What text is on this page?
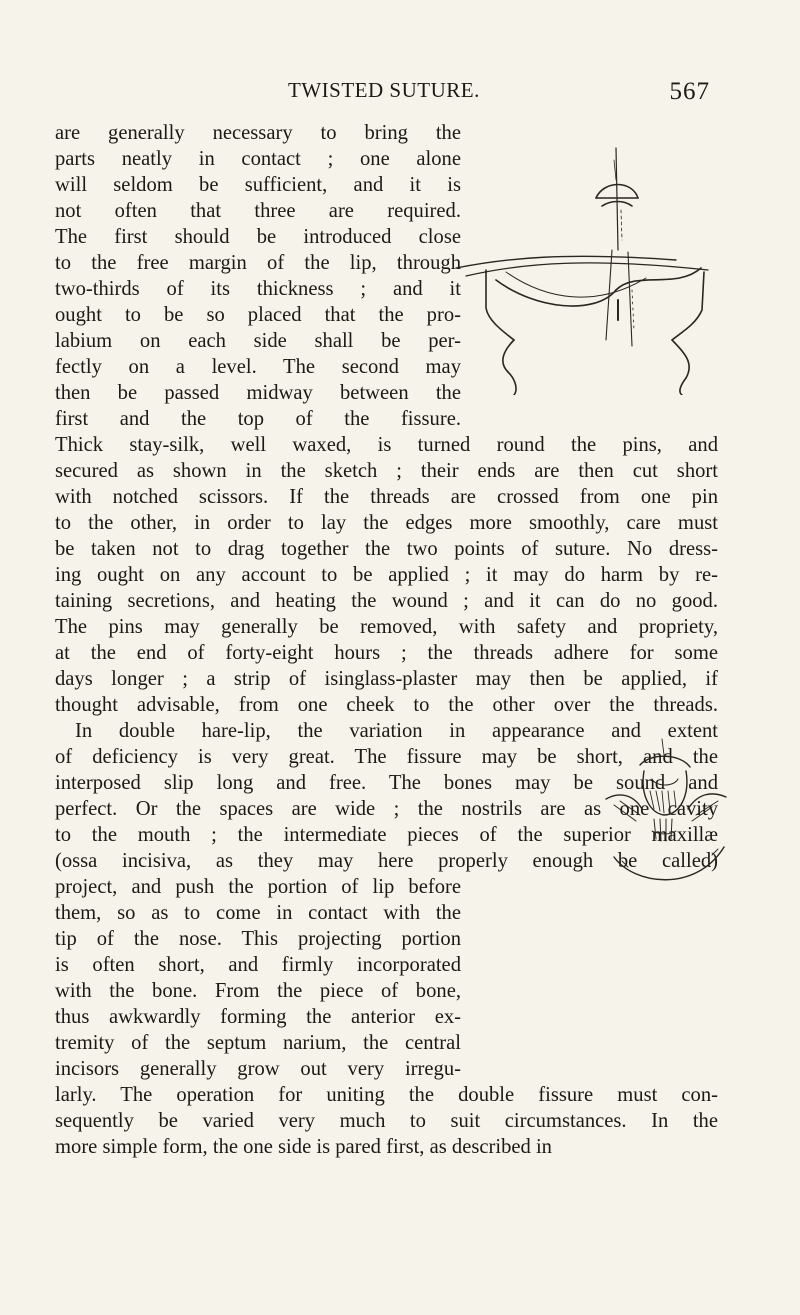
TWISTED SUTURE.	567
are generally necessary to bring the
parts neatly in contact ; one alone
will seldom be sufficient, and it is
not often that three are required.
The first should be introduced close
to the free margin of the lip, through
two-thirds of its thickness ; and it
ought to be so placed that the pro-
labium on each side shall be per-
fectly on a level. The second may
then be passed midway between the
first and the top of the fissure.
Thick stay-silk, well waxed, is turned round the pins, and
secured as shown in the sketch ; their ends are then cut short
with notched scissors. If the threads are crossed from one pin
to the other, in order to lay the edges more smoothly, care must
be taken not to drag together the two points of suture. No dress-
ing ought on any account to be applied ; it may do harm by re-
taining secretions, and heating the wound ; and it can do no good.
The pins may generally be removed, with safety and propriety,
at the end of forty-eight hours ; the threads adhere for some
days longer ; a strip of isinglass-plaster may then be applied, if
thought advisable, from one cheek to the other over the threads.
In double hare-lip, the variation in appearance and extent
of deficiency is very great. The fissure may be short, and the
interposed slip long and free. The bones may be sound and
perfect. Or the spaces are wide ; the nostrils are as one cavity
to the mouth ; the intermediate pieces of the superior maxillæ
(ossa incisiva, as they may here properly enough be called)
project, and push the portion of lip before
them, so as to come in contact with the
tip of the nose. This projecting portion
is often short, and firmly incorporated
with the bone. From the piece of bone,
thus awkwardly forming the anterior ex-
tremity of the septum narium, the central
incisors generally grow out very irregu-
larly. The operation for uniting the double fissure must con-
sequently be varied very much to suit circumstances. In the
more simple form, the one side is pared first, as described in
